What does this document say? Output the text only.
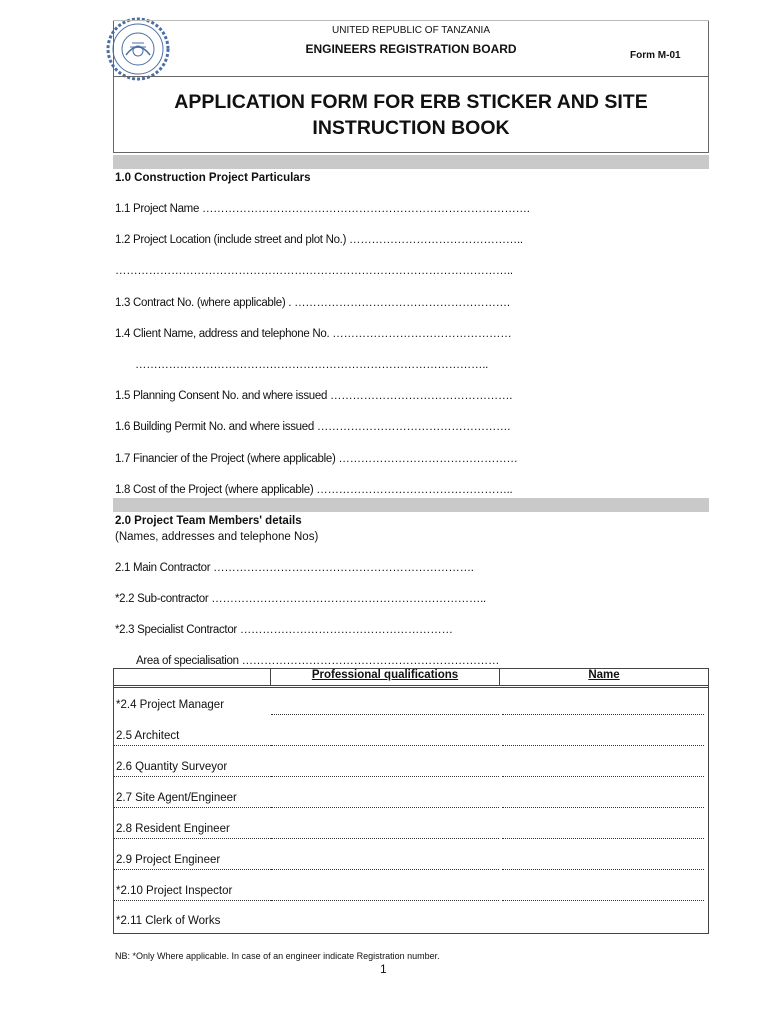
UNITED REPUBLIC OF TANZANIA
ENGINEERS REGISTRATION BOARD	Form M-01
APPLICATION FORM FOR ERB STICKER AND SITE
INSTRUCTION BOOK
1.0 Construction Project Particulars
1.1 Project Name …………………………………………………………………………….
1.2 Project Location (include street and plot No.) ………………………………………..
……………………………………………………………………………………………..
1.3 Contract No. (where applicable) . ………………………………………………….
1.4 Client Name, address and telephone No. …………………………………………
…………………………………………………………………………………..
1.5 Planning Consent No. and where issued ………………………………………….
1.6 Building Permit No. and where issued …………………………………………….
1.7 Financier of the Project (where applicable) …………………………………………
1.8 Cost of the Project (where applicable) ……………………………………………..
2.0 Project Team Members' details
(Names, addresses and telephone Nos)
2.1 Main Contractor …………………………………………………………….
*2.2 Sub-contractor ………………………………………………………………..
*2.3 Specialist Contractor …………………………………………………
Area of specialisation ……………………………………………………………
Professional qualifications	Name
*2.4 Project Manager
2.5 Architect
2.6 Quantity Surveyor
2.7 Site Agent/Engineer
2.8 Resident Engineer
2.9 Project Engineer
*2.10 Project Inspector
*2.11 Clerk of Works
NB: *Only Where applicable. In case of an engineer indicate Registration number.
1
